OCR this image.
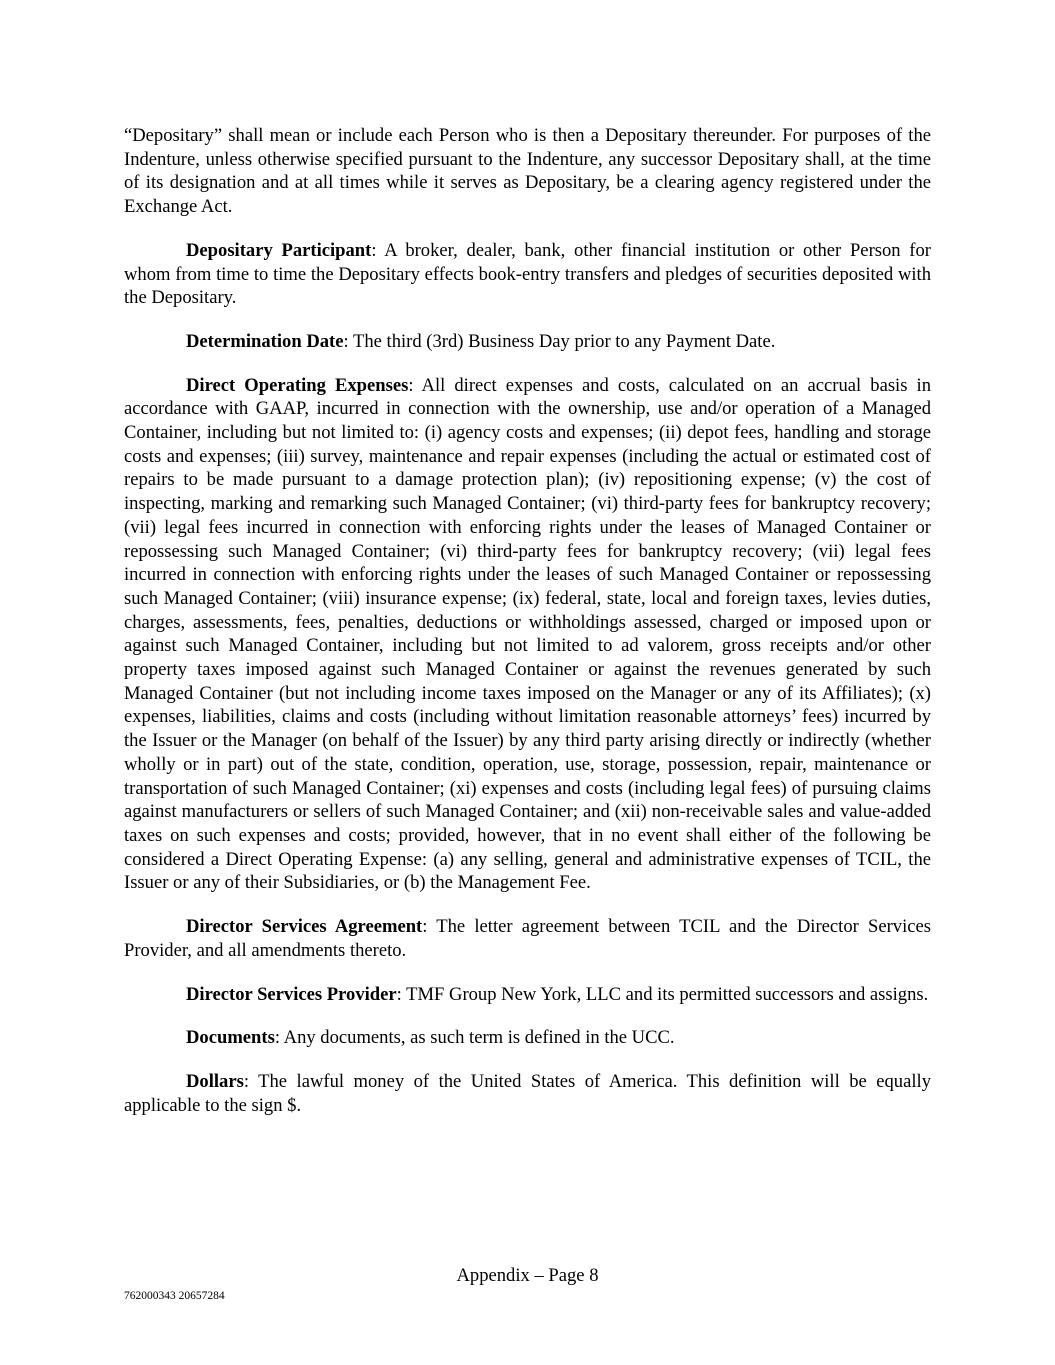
“Depositary” shall mean or include each Person who is then a Depositary thereunder. For purposes of the Indenture, unless otherwise specified pursuant to the Indenture, any successor Depositary shall, at the time of its designation and at all times while it serves as Depositary, be a clearing agency registered under the Exchange Act.

Depositary Participant: A broker, dealer, bank, other financial institution or other Person for whom from time to time the Depositary effects book-entry transfers and pledges of securities deposited with the Depositary.

Determination Date: The third (3rd) Business Day prior to any Payment Date.

Direct Operating Expenses: All direct expenses and costs, calculated on an accrual basis in accordance with GAAP, incurred in connection with the ownership, use and/or operation of a Managed Container, including but not limited to: (i) agency costs and expenses; (ii) depot fees, handling and storage costs and expenses; (iii) survey, maintenance and repair expenses (including the actual or estimated cost of repairs to be made pursuant to a damage protection plan); (iv) repositioning expense; (v) the cost of inspecting, marking and remarking such Managed Container; (vi) third-party fees for bankruptcy recovery; (vii) legal fees incurred in connection with enforcing rights under the leases of Managed Container or repossessing such Managed Container; (vi) third-party fees for bankruptcy recovery; (vii) legal fees incurred in connection with enforcing rights under the leases of such Managed Container or repossessing such Managed Container; (viii) insurance expense; (ix) federal, state, local and foreign taxes, levies duties, charges, assessments, fees, penalties, deductions or withholdings assessed, charged or imposed upon or against such Managed Container, including but not limited to ad valorem, gross receipts and/or other property taxes imposed against such Managed Container or against the revenues generated by such Managed Container (but not including income taxes imposed on the Manager or any of its Affiliates); (x) expenses, liabilities, claims and costs (including without limitation reasonable attorneys’ fees) incurred by the Issuer or the Manager (on behalf of the Issuer) by any third party arising directly or indirectly (whether wholly or in part) out of the state, condition, operation, use, storage, possession, repair, maintenance or transportation of such Managed Container; (xi) expenses and costs (including legal fees) of pursuing claims against manufacturers or sellers of such Managed Container; and (xii) non-receivable sales and value-added taxes on such expenses and costs; provided, however, that in no event shall either of the following be considered a Direct Operating Expense: (a) any selling, general and administrative expenses of TCIL, the Issuer or any of their Subsidiaries, or (b) the Management Fee.

Director Services Agreement: The letter agreement between TCIL and the Director Services Provider, and all amendments thereto.

Director Services Provider: TMF Group New York, LLC and its permitted successors and assigns.

Documents: Any documents, as such term is defined in the UCC.

Dollars: The lawful money of the United States of America. This definition will be equally applicable to the sign $.

Appendix – Page 8
762000343 20657284
